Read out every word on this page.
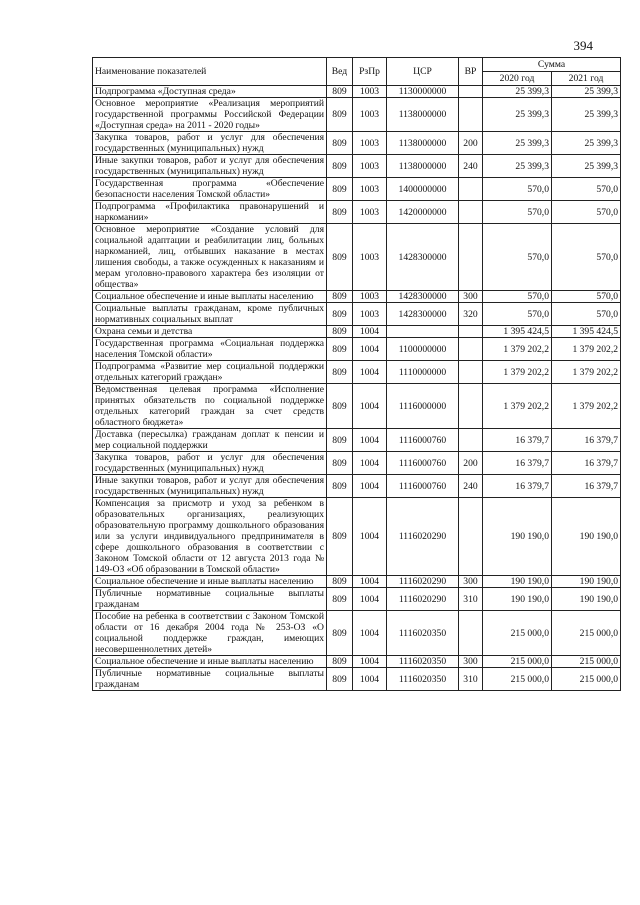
394
Наименование показателей	Вед	РзПр	ЦСР	ВР	Сумма	
					2020 год	2021 год
Подпрограмма «Доступная среда»	809	1003	1130000000		25 399,3	25 399,3
Основное мероприятие «Реализация мероприятий государственной программы Российской Федерации «Доступная среда» на 2011 - 2020 годы»	809	1003	1138000000		25 399,3	25 399,3
Закупка товаров, работ и услуг для обеспечения государственных (муниципальных) нужд	809	1003	1138000000	200	25 399,3	25 399,3
Иные закупки товаров, работ и услуг для обеспечения государственных (муниципальных) нужд	809	1003	1138000000	240	25 399,3	25 399,3
Государственная программа «Обеспечение безопасности населения Томской области»	809	1003	1400000000		570,0	570,0
Подпрограмма «Профилактика правонарушений и наркомании»	809	1003	1420000000		570,0	570,0
Основное мероприятие «Создание условий для социальной адаптации и реабилитации лиц, больных наркоманией, лиц, отбывших наказание в местах лишения свободы, а также осужденных к наказаниям и мерам уголовно-правового характера без изоляции от общества»	809	1003	1428300000		570,0	570,0
Социальное обеспечение и иные выплаты населению	809	1003	1428300000	300	570,0	570,0
Социальные выплаты гражданам, кроме публичных нормативных социальных выплат	809	1003	1428300000	320	570,0	570,0
Охрана семьи и детства	809	1004			1 395 424,5	1 395 424,5
Государственная программа «Социальная поддержка населения Томской области»	809	1004	1100000000		1 379 202,2	1 379 202,2
Подпрограмма «Развитие мер социальной поддержки отдельных категорий граждан»	809	1004	1110000000		1 379 202,2	1 379 202,2
Ведомственная целевая программа «Исполнение принятых обязательств по социальной поддержке отдельных категорий граждан за счет средств областного бюджета»	809	1004	1116000000		1 379 202,2	1 379 202,2
Доставка (пересылка) гражданам доплат к пенсии и мер социальной поддержки	809	1004	1116000760		16 379,7	16 379,7
Закупка товаров, работ и услуг для обеспечения государственных (муниципальных) нужд	809	1004	1116000760	200	16 379,7	16 379,7
Иные закупки товаров, работ и услуг для обеспечения государственных (муниципальных) нужд	809	1004	1116000760	240	16 379,7	16 379,7
Компенсация за присмотр и уход за ребенком в образовательных организациях, реализующих образовательную программу дошкольного образования или за услуги индивидуального предпринимателя в сфере дошкольного образования в соответствии с Законом Томской области от 12 августа 2013 года № 149-ОЗ «Об образовании в Томской области»	809	1004	1116020290		190 190,0	190 190,0
Социальное обеспечение и иные выплаты населению	809	1004	1116020290	300	190 190,0	190 190,0
Публичные нормативные социальные выплаты гражданам	809	1004	1116020290	310	190 190,0	190 190,0
Пособие на ребенка в соответствии с Законом Томской области от 16 декабря 2004 года № 253-ОЗ «О социальной поддержке граждан, имеющих несовершеннолетних детей»	809	1004	1116020350		215 000,0	215 000,0
Социальное обеспечение и иные выплаты населению	809	1004	1116020350	300	215 000,0	215 000,0
Публичные нормативные социальные выплаты гражданам	809	1004	1116020350	310	215 000,0	215 000,0
